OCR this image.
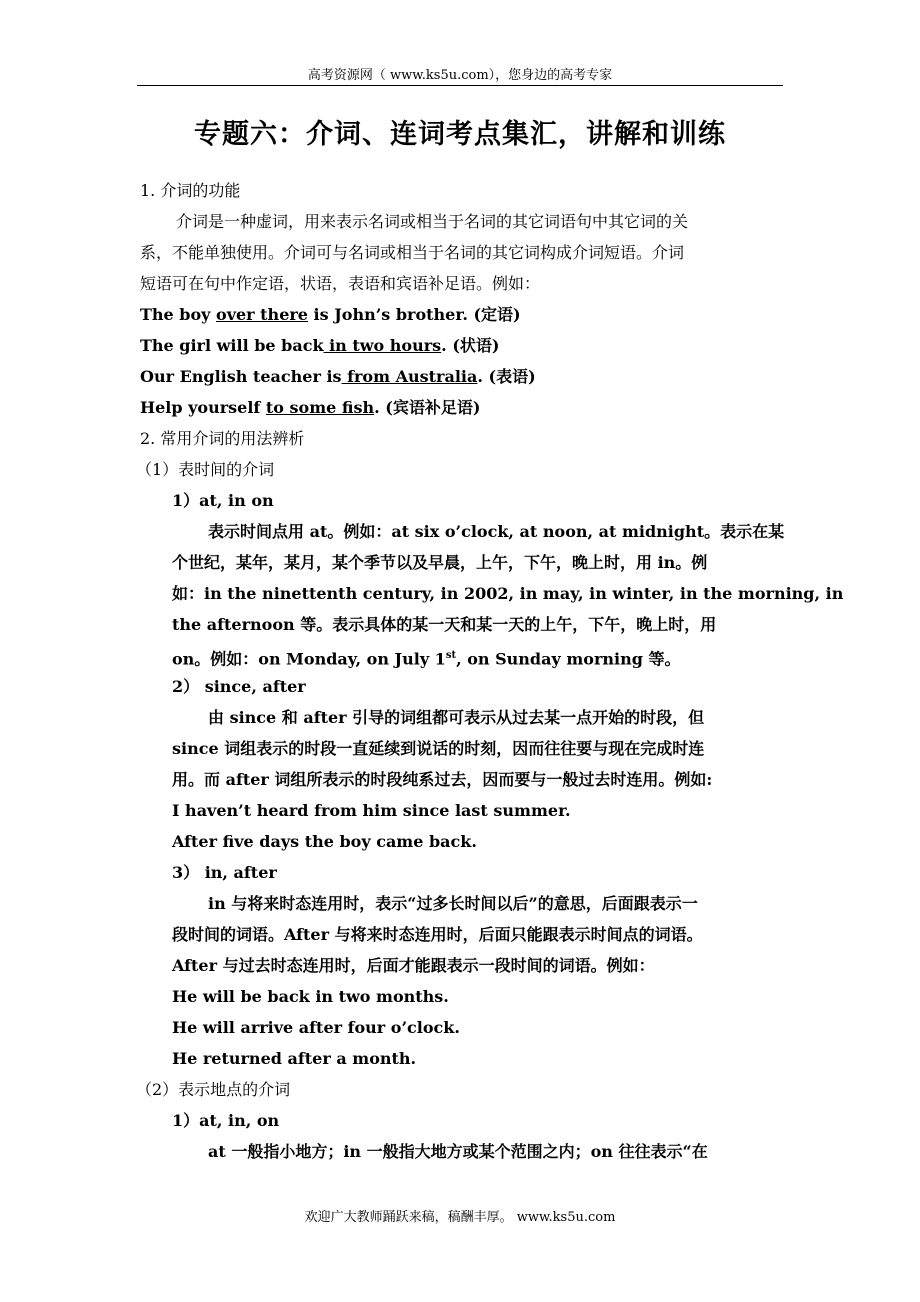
高考资源网（ www.ks5u.com），您身边的高考专家
专题六：介词、连词考点集汇，讲解和训练
1. 介词的功能
介词是一种虚词，用来表示名词或相当于名词的其它词语句中其它词的关
系，不能单独使用。介词可与名词或相当于名词的其它词构成介词短语。介词
短语可在句中作定语，状语，表语和宾语补足语。例如：
The boy over there is John’s brother. (定语)
The girl will be back in two hours. (状语)
Our English teacher is from Australia. (表语)
Help yourself to some fish. (宾语补足语)
2. 常用介词的用法辨析
（1）表时间的介词
1）at, in on
表示时间点用 at。例如：at six o’clock, at noon, at midnight。表示在某
个世纪，某年，某月，某个季节以及早晨，上午，下午，晚上时，用 in。例
如：in the ninettenth century, in 2002, in may, in winter, in the morning, in
the afternoon 等。表示具体的某一天和某一天的上午，下午，晚上时，用
on。例如：on Monday, on July 1st, on Sunday morning 等。
2） since, after
由 since 和 after 引导的词组都可表示从过去某一点开始的时段，但
since 词组表示的时段一直延续到说话的时刻，因而往往要与现在完成时连
用。而 after 词组所表示的时段纯系过去，因而要与一般过去时连用。例如:
I haven’t heard from him since last summer.
After five days the boy came back.
3） in, after
in 与将来时态连用时，表示“过多长时间以后”的意思，后面跟表示一
段时间的词语。After 与将来时态连用时，后面只能跟表示时间点的词语。
After 与过去时态连用时，后面才能跟表示一段时间的词语。例如：
He will be back in two months.
He will arrive after four o’clock.
He returned after a month.
（2）表示地点的介词
1）at, in, on
at 一般指小地方；in 一般指大地方或某个范围之内；on 往往表示“在
欢迎广大教师踊跃来稿，稿酬丰厚。 www.ks5u.com
